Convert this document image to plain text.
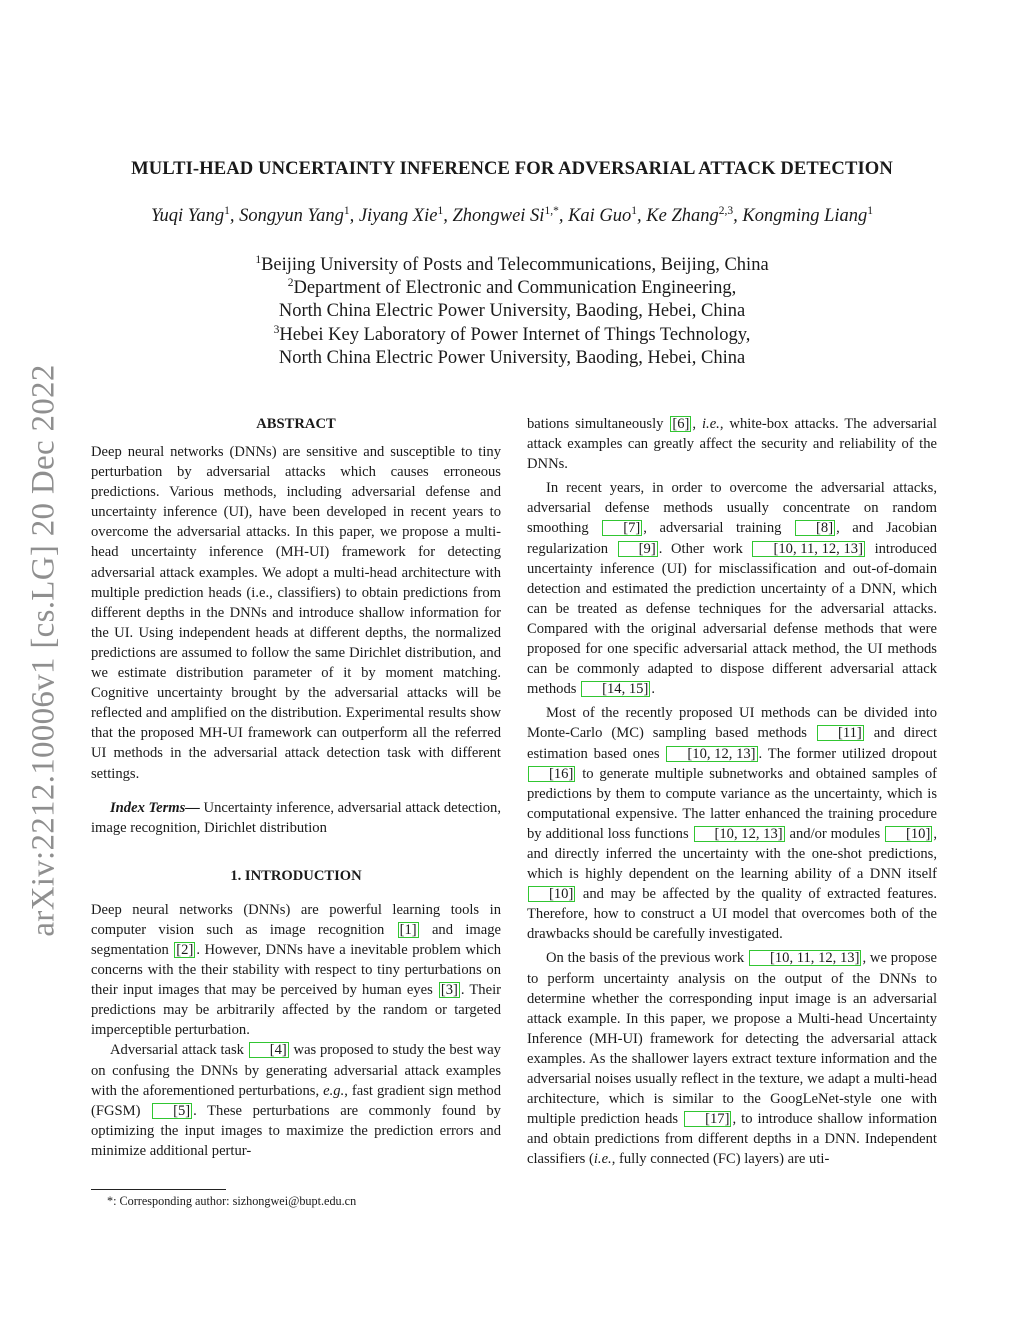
arXiv:2212.10006v1 [cs.LG] 20 Dec 2022
MULTI-HEAD UNCERTAINTY INFERENCE FOR ADVERSARIAL ATTACK DETECTION
Yuqi Yang$^1$, Songyun Yang$^1$, Jiyang Xie$^1$, Zhongwei $Si^{1,*}$, Kai Guo$^1$, Ke Zhang$^{2,3}$, Kongming Liang$^1$
$^1$Beijing University of Posts and Telecommunications, Beijing, China
$^2$Department of Electronic and Communication Engineering,
North China Electric Power University, Baoding, Hebei, China
$^3$Hebei Key Laboratory of Power Internet of Things Technology,
North China Electric Power University, Baoding, Hebei, China
ABSTRACT

Deep neural networks (DNNs) are sensitive and susceptible to tiny perturbation by adversarial attacks which causes erroneous predictions. Various methods, including adversarial defense and uncertainty inference (UI), have been developed in recent years to overcome the adversarial attacks. In this paper, we propose a multi-head uncertainty inference (MH-UI) framework for detecting adversarial attack examples. We adopt a multi-head architecture with multiple prediction heads (i.e., classifiers) to obtain predictions from different depths in the DNNs and introduce shallow information for the UI. Using independent heads at different depths, the normalized predictions are assumed to follow the same Dirichlet distribution, and we estimate distribution parameter of it by moment matching. Cognitive uncertainty brought by the adversarial attacks will be reflected and amplified on the distribution. Experimental results show that the proposed MH-UI framework can outperform all the referred UI methods in the adversarial attack detection task with different settings.

Index Terms— Uncertainty inference, adversarial attack detection, image recognition, Dirichlet distribution

1. INTRODUCTION

Deep neural networks (DNNs) are powerful learning tools in computer vision such as image recognition [1] and image segmentation [2] . However, DNNs have a inevitable problem which concerns with the their stability with respect to tiny perturbations on their input images that may be perceived by human eyes [3] . Their predictions may be arbitrarily affected by the random or targeted imperceptible perturbation.

Adversarial attack task [4] was proposed to study the best way on confusing the DNNs by generating adversarial attack examples with the aforementioned perturbations, e.g., fast gradient sign method (FGSM) [5] . These perturbations are commonly found by optimizing the input images to maximize the prediction errors and minimize additional pertur-

bations simultaneously [6] , i.e., white-box attacks. The adversarial attack examples can greatly affect the security and reliability of the DNNs.

In recent years, in order to overcome the adversarial attacks, adversarial defense methods usually concentrate on random smoothing [7] , adversarial training [8] , and Jacobian regularization [9] . Other work [10, 11, 12, 13] introduced uncertainty inference (UI) for misclassification and out-of-domain detection and estimated the prediction uncertainty of a DNN, which can be treated as defense techniques for the adversarial attacks. Compared with the original adversarial defense methods that were proposed for one specific adversarial attack method, the UI methods can be commonly adapted to dispose different adversarial attack methods [14, 15] .

Most of the recently proposed UI methods can be divided into Monte-Carlo (MC) sampling based methods [11] and direct estimation based ones [10, 12, 13] . The former utilized dropout [16] to generate multiple subnetworks and obtained samples of predictions by them to compute variance as the uncertainty, which is computational expensive. The latter enhanced the training procedure by additional loss functions [10, 12, 13] and/or modules [10] , and directly inferred the uncertainty with the one-shot predictions, which is highly dependent on the learning ability of a DNN itself [10] and may be affected by the quality of extracted features. Therefore, how to construct a UI model that overcomes both of the drawbacks should be carefully investigated.

On the basis of the previous work [10, 11, 12, 13] , we propose to perform uncertainty analysis on the output of the DNNs to determine whether the corresponding input image is an adversarial attack example. In this paper, we propose a Multi-head Uncertainty Inference (MH-UI) framework for detecting the adversarial attack examples. As the shallower layers extract texture information and the adversarial noises usually reflect in the texture, we adapt a multi-head architecture, which is similar to the GoogLeNet-style one with multiple prediction heads [17] , to introduce shallow information and obtain predictions from different depths in a DNN. Independent classifiers (i.e., fully connected (FC) layers) are uti-

*: Corresponding author: sizhongwei@bupt.edu.cn
